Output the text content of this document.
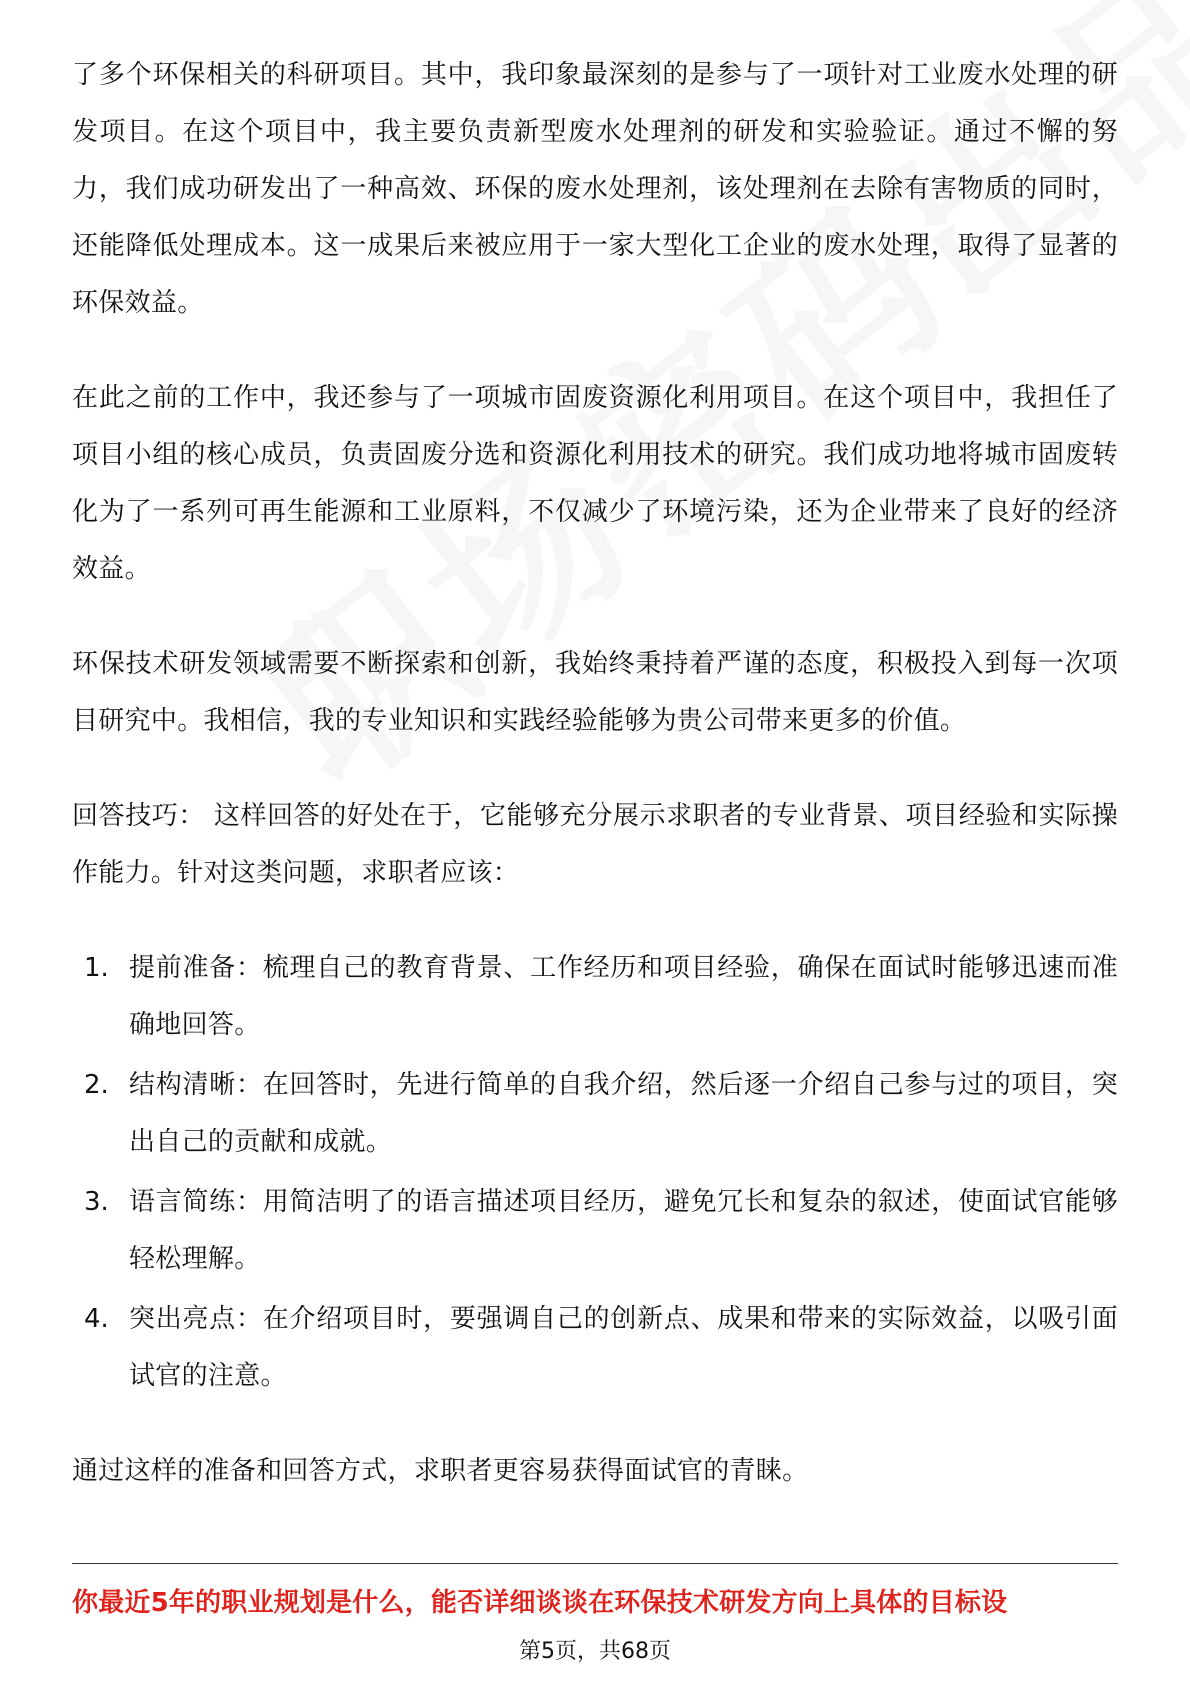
了多个环保相关的科研项目。其中，我印象最深刻的是参与了一项针对工业废水处理的研发项目。在这个项目中，我主要负责新型废水处理剂的研发和实验验证。通过不懈的努力，我们成功研发出了一种高效、环保的废水处理剂，该处理剂在去除有害物质的同时，还能降低处理成本。这一成果后来被应用于一家大型化工企业的废水处理，取得了显著的环保效益。

在此之前的工作中，我还参与了一项城市固废资源化利用项目。在这个项目中，我担任了项目小组的核心成员，负责固废分选和资源化利用技术的研究。我们成功地将城市固废转化为了一系列可再生能源和工业原料，不仅减少了环境污染，还为企业带来了良好的经济效益。

环保技术研发领域需要不断探索和创新，我始终秉持着严谨的态度，积极投入到每一次项目研究中。我相信，我的专业知识和实践经验能够为贵公司带来更多的价值。

回答技巧： 这样回答的好处在于，它能够充分展示求职者的专业背景、项目经验和实际操作能力。针对这类问题，求职者应该：

1. 提前准备：梳理自己的教育背景、工作经历和项目经验，确保在面试时能够迅速而准确地回答。
2. 结构清晰：在回答时，先进行简单的自我介绍，然后逐一介绍自己参与过的项目，突出自己的贡献和成就。
3. 语言简练：用简洁明了的语言描述项目经历，避免冗长和复杂的叙述，使面试官能够轻松理解。
4. 突出亮点：在介绍项目时，要强调自己的创新点、成果和带来的实际效益，以吸引面试官的注意。

通过这样的准备和回答方式，求职者更容易获得面试官的青睐。

你最近5年的职业规划是什么，能否详细谈谈在环保技术研发方向上具体的目标设
第5页，共68页
